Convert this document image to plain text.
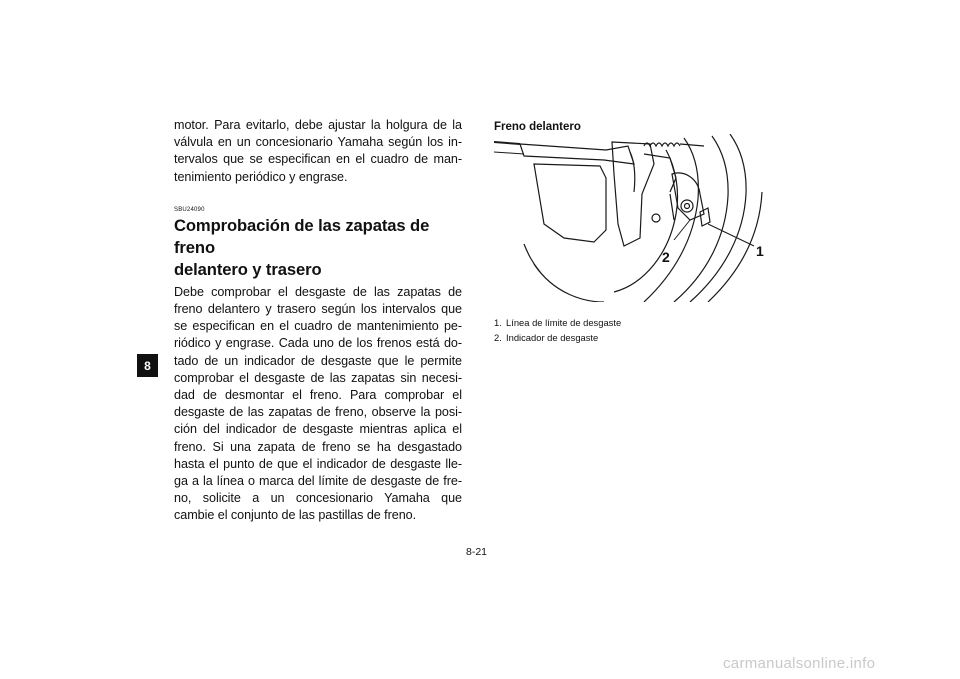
motor. Para evitarlo, debe ajustar la holgura de la
válvula en un concesionario Yamaha según los in-
tervalos que se especifican en el cuadro de man-
tenimiento periódico y engrase.
SBU24090
Comprobación de las zapatas de freno
delantero y trasero
Debe comprobar el desgaste de las zapatas de
freno delantero y trasero según los intervalos que
se especifican en el cuadro de mantenimiento pe-
riódico y engrase. Cada uno de los frenos está do-
tado de un indicador de desgaste que le permite
comprobar el desgaste de las zapatas sin necesi-
dad de desmontar el freno. Para comprobar el
desgaste de las zapatas de freno, observe la posi-
ción del indicador de desgaste mientras aplica el
freno. Si una zapata de freno se ha desgastado
hasta el punto de que el indicador de desgaste lle-
ga a la línea o marca del límite de desgaste de fre-
no, solicite a un concesionario Yamaha que
cambie el conjunto de las pastillas de freno.
8
Freno delantero
1
2
1. Línea de límite de desgaste
2. Indicador de desgaste
8-21
carmanualsonline.info
